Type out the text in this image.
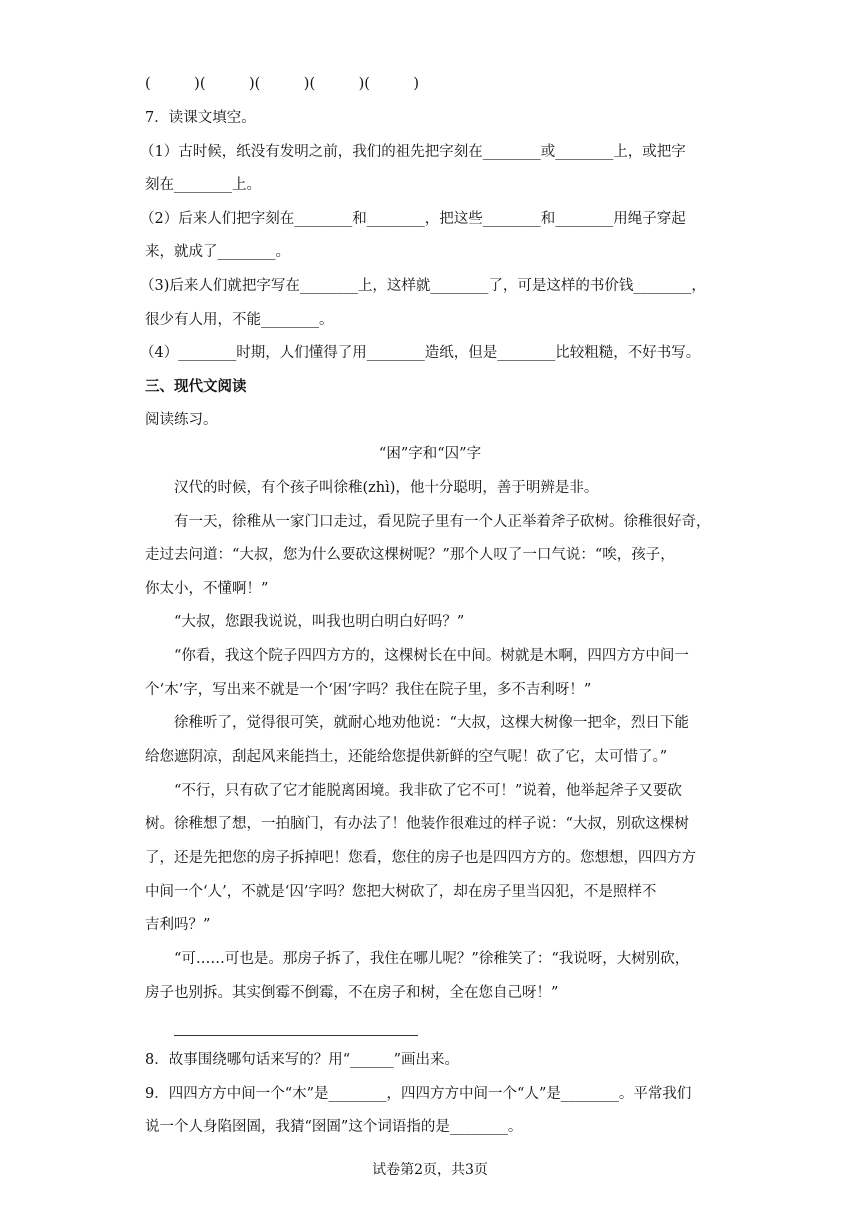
(　　　)(　　　)(　　　)(　　　)(　　　)
7．读课文填空。
（1）古时候，纸没有发明之前，我们的祖先把字刻在________或________上，或把字
刻在________上。
（2）后来人们把字刻在________和________，把这些________和________用绳子穿起
来，就成了________。
（3)后来人们就把字写在________上，这样就________了，可是这样的书价钱________，
很少有人用，不能________。
（4）________时期，人们懂得了用________造纸，但是________比较粗糙，不好书写。
三、现代文阅读
阅读练习。
“困”字和“囚”字
汉代的时候，有个孩子叫徐稚(zhì)，他十分聪明，善于明辨是非。
有一天，徐稚从一家门口走过，看见院子里有一个人正举着斧子砍树。徐稚很好奇，
走过去问道：“大叔，您为什么要砍这棵树呢？”那个人叹了一口气说：“唉，孩子，
你太小，不懂啊！”
“大叔，您跟我说说，叫我也明白明白好吗？”
“你看，我这个院子四四方方的，这棵树长在中间。树就是木啊，四四方方中间一
个‘木’字，写出来不就是一个‘困’字吗？我住在院子里，多不吉利呀！”
徐稚听了，觉得很可笑，就耐心地劝他说：“大叔，这棵大树像一把伞，烈日下能
给您遮阴凉，刮起风来能挡土，还能给您提供新鲜的空气呢！砍了它，太可惜了。”
“不行，只有砍了它才能脱离困境。我非砍了它不可！”说着，他举起斧子又要砍
树。徐稚想了想，一拍脑门，有办法了！他装作很难过的样子说：“大叔，别砍这棵树
了，还是先把您的房子拆掉吧！您看，您住的房子也是四四方方的。您想想，四四方方
中间一个‘人’，不就是‘囚’字吗？您把大树砍了，却在房子里当囚犯，不是照样不
吉利吗？”
“可……可也是。那房子拆了，我住在哪儿呢？”徐稚笑了：“我说呀，大树别砍，
房子也别拆。其实倒霉不倒霉，不在房子和树，全在您自己呀！”
8．故事围绕哪句话来写的？用“______”画出来。
9．四四方方中间一个“木”是________，四四方方中间一个“人”是________。平常我们
说一个人身陷囹圄，我猜“囹圄”这个词语指的是________。
试卷第2页，共3页
